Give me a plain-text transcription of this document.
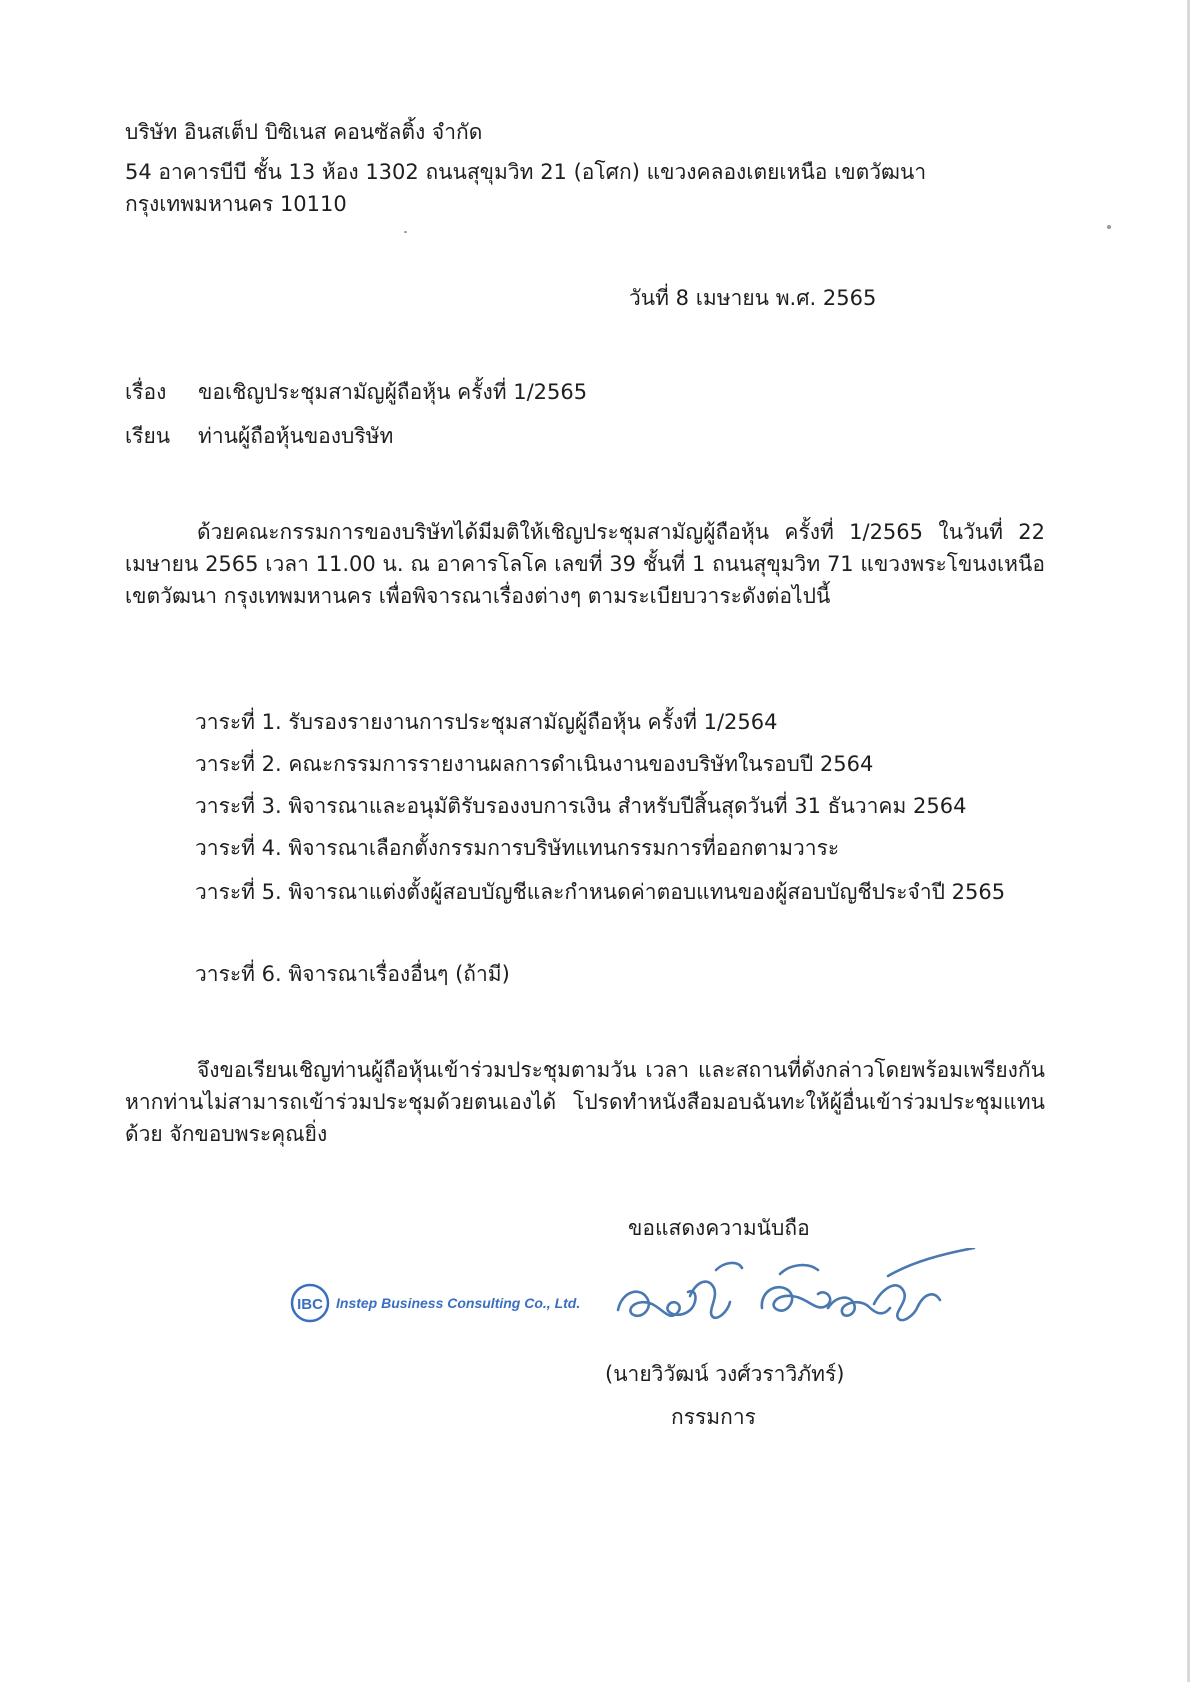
บริษัท อินสเต็ป บิซิเนส คอนซัลติ้ง จำกัด
54 อาคารบีบี ชั้น 13 ห้อง 1302 ถนนสุขุมวิท 21 (อโศก) แขวงคลองเตยเหนือ เขตวัฒนา
กรุงเทพมหานคร 10110
วันที่ 8 เมษายน พ.ศ. 2565
เรื่อง ขอเชิญประชุมสามัญผู้ถือหุ้น ครั้งที่ 1/2565
เรียน ท่านผู้ถือหุ้นของบริษัท
ด้วยคณะกรรมการของบริษัทได้มีมติให้เชิญประชุมสามัญผู้ถือหุ้น ครั้งที่ 1/2565 ในวันที่ 22 เมษายน 2565 เวลา 11.00 น. ณ อาคารโลโค เลขที่ 39 ชั้นที่ 1 ถนนสุขุมวิท 71 แขวงพระโขนงเหนือ เขตวัฒนา กรุงเทพมหานคร เพื่อพิจารณาเรื่องต่างๆ ตามระเบียบวาระดังต่อไปนี้
วาระที่ 1. รับรองรายงานการประชุมสามัญผู้ถือหุ้น ครั้งที่ 1/2564
วาระที่ 2. คณะกรรมการรายงานผลการดำเนินงานของบริษัทในรอบปี 2564
วาระที่ 3. พิจารณาและอนุมัติรับรองงบการเงิน สำหรับปีสิ้นสุดวันที่ 31 ธันวาคม 2564
วาระที่ 4. พิจารณาเลือกตั้งกรรมการบริษัทแทนกรรมการที่ออกตามวาระ
วาระที่ 5. พิจารณาแต่งตั้งผู้สอบบัญชีและกำหนดค่าตอบแทนของผู้สอบบัญชีประจำปี 2565
วาระที่ 6. พิจารณาเรื่องอื่นๆ (ถ้ามี)
จึงขอเรียนเชิญท่านผู้ถือหุ้นเข้าร่วมประชุมตามวัน เวลา และสถานที่ดังกล่าวโดยพร้อมเพรียงกัน หากท่านไม่สามารถเข้าร่วมประชุมด้วยตนเองได้ โปรดทำหนังสือมอบฉันทะให้ผู้อื่นเข้าร่วมประชุมแทนด้วย จักขอบพระคุณยิ่ง
ขอแสดงความนับถือ
IBC Instep Business Consulting Co., Ltd.
(นายวิวัฒน์ วงศ์วราวิภัทร์)
กรรมการ
